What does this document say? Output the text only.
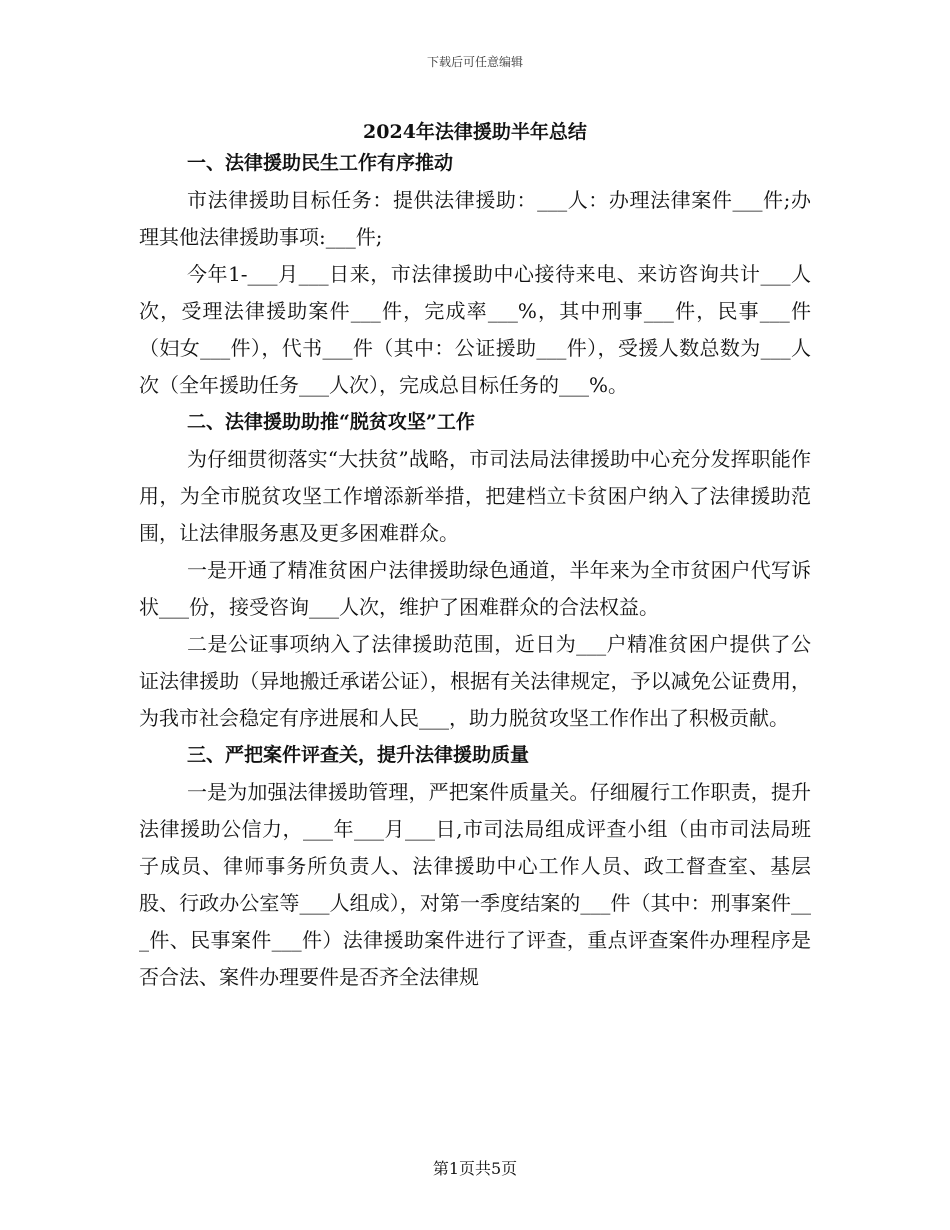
下载后可任意编辑
2024年法律援助半年总结

一、法律援助民生工作有序推动

市法律援助目标任务：提供法律援助：___人：办理法律案件___件;办理其他法律援助事项:___件;

今年1-___月___日来，市法律援助中心接待来电、来访咨询共计___人次，受理法律援助案件___件，完成率___%，其中刑事___件，民事___件（妇女___件），代书___件（其中：公证援助___件），受援人数总数为___人次（全年援助任务___人次），完成总目标任务的___%。

二、法律援助助推“脱贫攻坚”工作

为仔细贯彻落实“大扶贫”战略，市司法局法律援助中心充分发挥职能作用，为全市脱贫攻坚工作增添新举措，把建档立卡贫困户纳入了法律援助范围，让法律服务惠及更多困难群众。

一是开通了精准贫困户法律援助绿色通道，半年来为全市贫困户代写诉状___份，接受咨询___人次，维护了困难群众的合法权益。

二是公证事项纳入了法律援助范围，近日为___户精准贫困户提供了公证法律援助（异地搬迁承诺公证），根据有关法律规定，予以减免公证费用，为我市社会稳定有序进展和人民___，助力脱贫攻坚工作作出了积极贡献。

三、严把案件评查关，提升法律援助质量

一是为加强法律援助管理，严把案件质量关。仔细履行工作职责，提升法律援助公信力，___年___月___日,市司法局组成评查小组（由市司法局班子成员、律师事务所负责人、法律援助中心工作人员、政工督查室、基层股、行政办公室等___人组成），对第一季度结案的___件（其中：刑事案件___件、民事案件___件）法律援助案件进行了评查，重点评查案件办理程序是否合法、案件办理要件是否齐全法律规

第1页共5页
